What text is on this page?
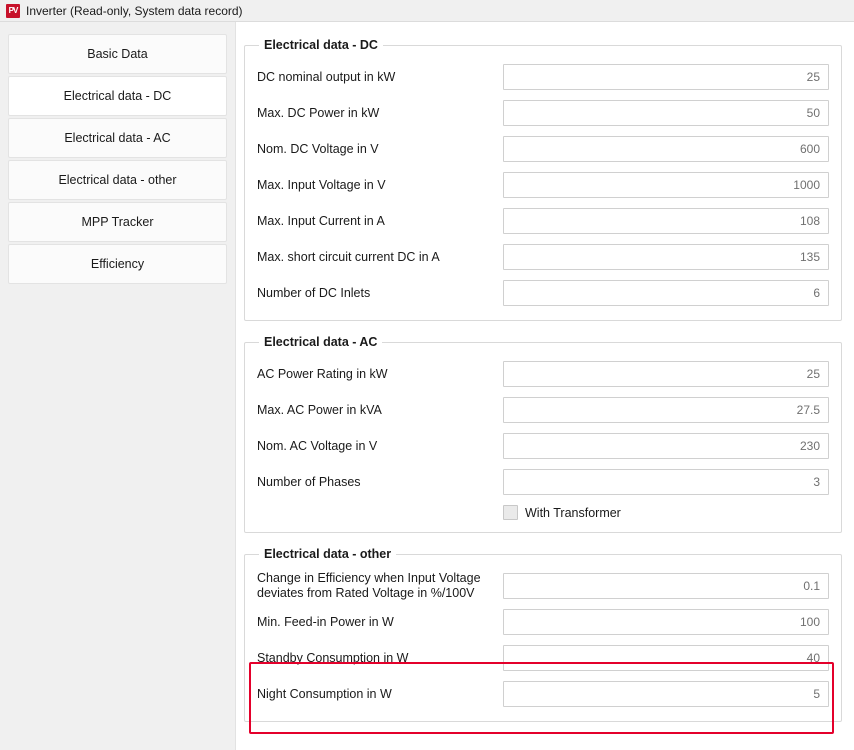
PV Inverter (Read-only, System data record)
Basic Data
Electrical data - DC
Electrical data - AC
Electrical data - other
MPP Tracker
Efficiency
Electrical data - DC
DC nominal output in kW	25
Max. DC Power in kW	50
Nom. DC Voltage in V	600
Max. Input Voltage in V	1000
Max. Input Current in A	108
Max. short circuit current DC in A	135
Number of DC Inlets	6
Electrical data - AC
AC Power Rating in kW	25
Max. AC Power in kVA	27.5
Nom. AC Voltage in V	230
Number of Phases	3
With Transformer
Electrical data - other
Change in Efficiency when Input Voltage deviates from Rated Voltage in %/100V	0.1
Min. Feed-in Power in W	100
Standby Consumption in W	40
Night Consumption in W	5
